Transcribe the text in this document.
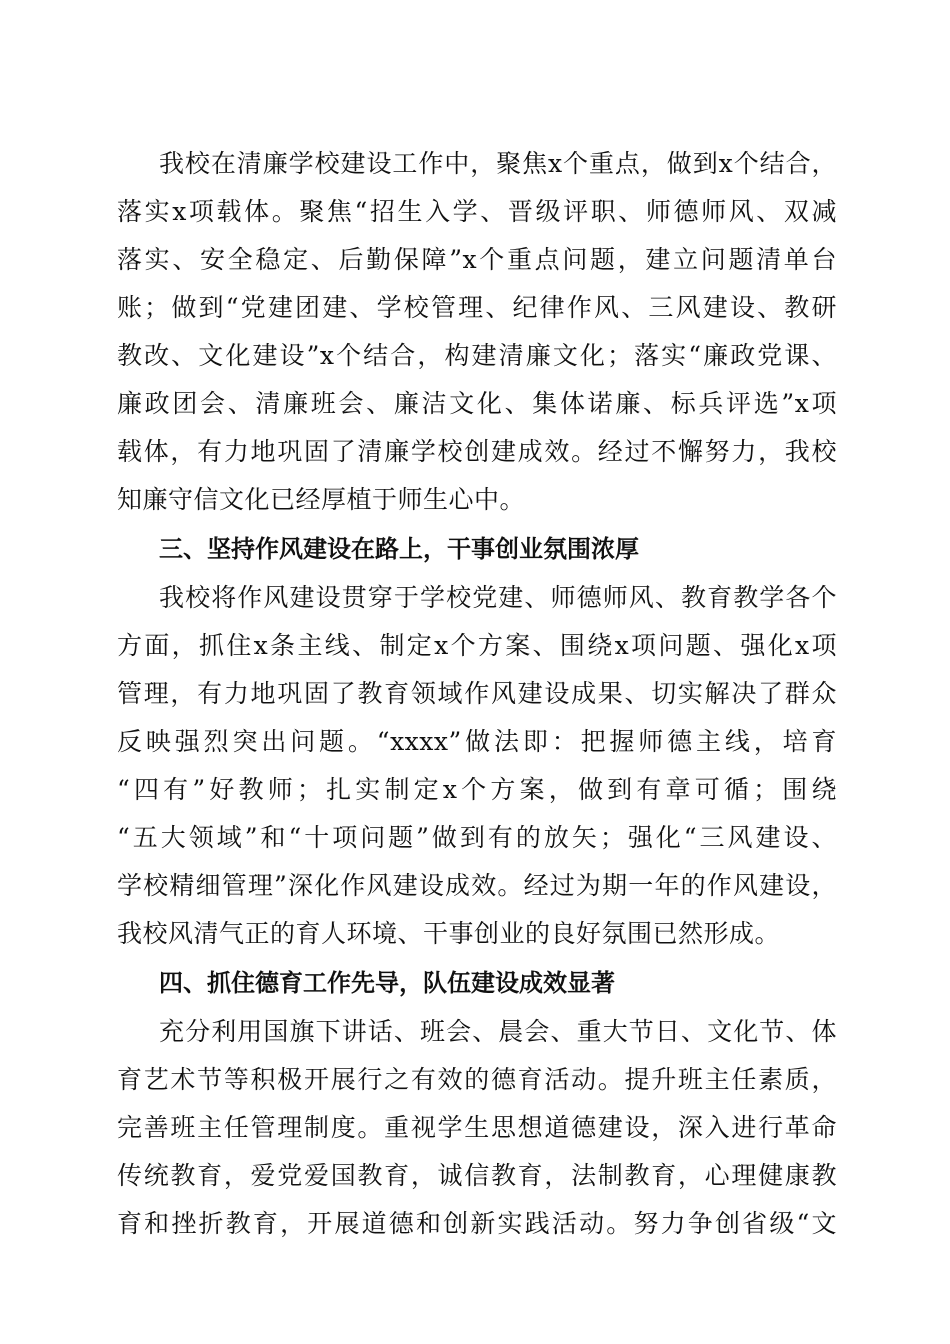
我校在清廉学校建设工作中，聚焦x个重点，做到x个结合，
落实x项载体。聚焦“招生入学、晋级评职、师德师风、双减
落实、安全稳定、后勤保障”x个重点问题，建立问题清单台
账；做到“党建团建、学校管理、纪律作风、三风建设、教研
教改、文化建设”x个结合，构建清廉文化；落实“廉政党课、
廉政团会、清廉班会、廉洁文化、集体诺廉、标兵评选”x项
载体，有力地巩固了清廉学校创建成效。经过不懈努力，我校
知廉守信文化已经厚植于师生心中。
三、坚持作风建设在路上，干事创业氛围浓厚
我校将作风建设贯穿于学校党建、师德师风、教育教学各个
方面，抓住x条主线、制定x个方案、围绕x项问题、强化x项
管理，有力地巩固了教育领域作风建设成果、切实解决了群众
反映强烈突出问题。“xxxx”做法即：把握师德主线，培育
“四有”好教师；扎实制定x个方案，做到有章可循；围绕
“五大领域”和“十项问题”做到有的放矢；强化“三风建设、
学校精细管理”深化作风建设成效。经过为期一年的作风建设，
我校风清气正的育人环境、干事创业的良好氛围已然形成。
四、抓住德育工作先导，队伍建设成效显著
充分利用国旗下讲话、班会、晨会、重大节日、文化节、体
育艺术节等积极开展行之有效的德育活动。提升班主任素质，
完善班主任管理制度。重视学生思想道德建设，深入进行革命
传统教育，爱党爱国教育，诚信教育，法制教育，心理健康教
育和挫折教育，开展道德和创新实践活动。努力争创省级“文
